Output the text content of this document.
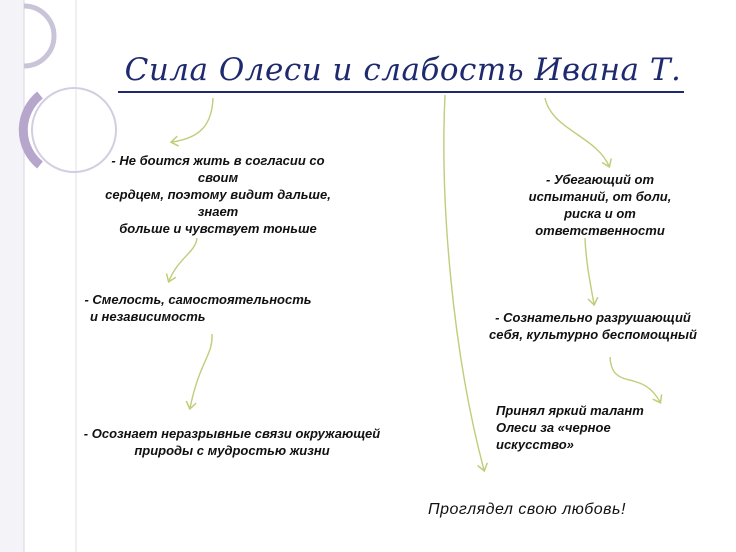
Сила Олеси и слабость Ивана Т.
- Не боится жить в согласии со
своим
сердцем, поэтому видит дальше,
знает
больше и чувствует тоньше
- Смелость, самостоятельность
и независимость
- Осознает неразрывные связи окружающей
природы с мудростью жизни
- Убегающий от
испытаний, от боли,
риска и от
ответственности
- Сознательно разрушающий
себя, культурно беспомощный
Принял яркий талант
Олеси за «черное
искусство»
Проглядел свою любовь!
